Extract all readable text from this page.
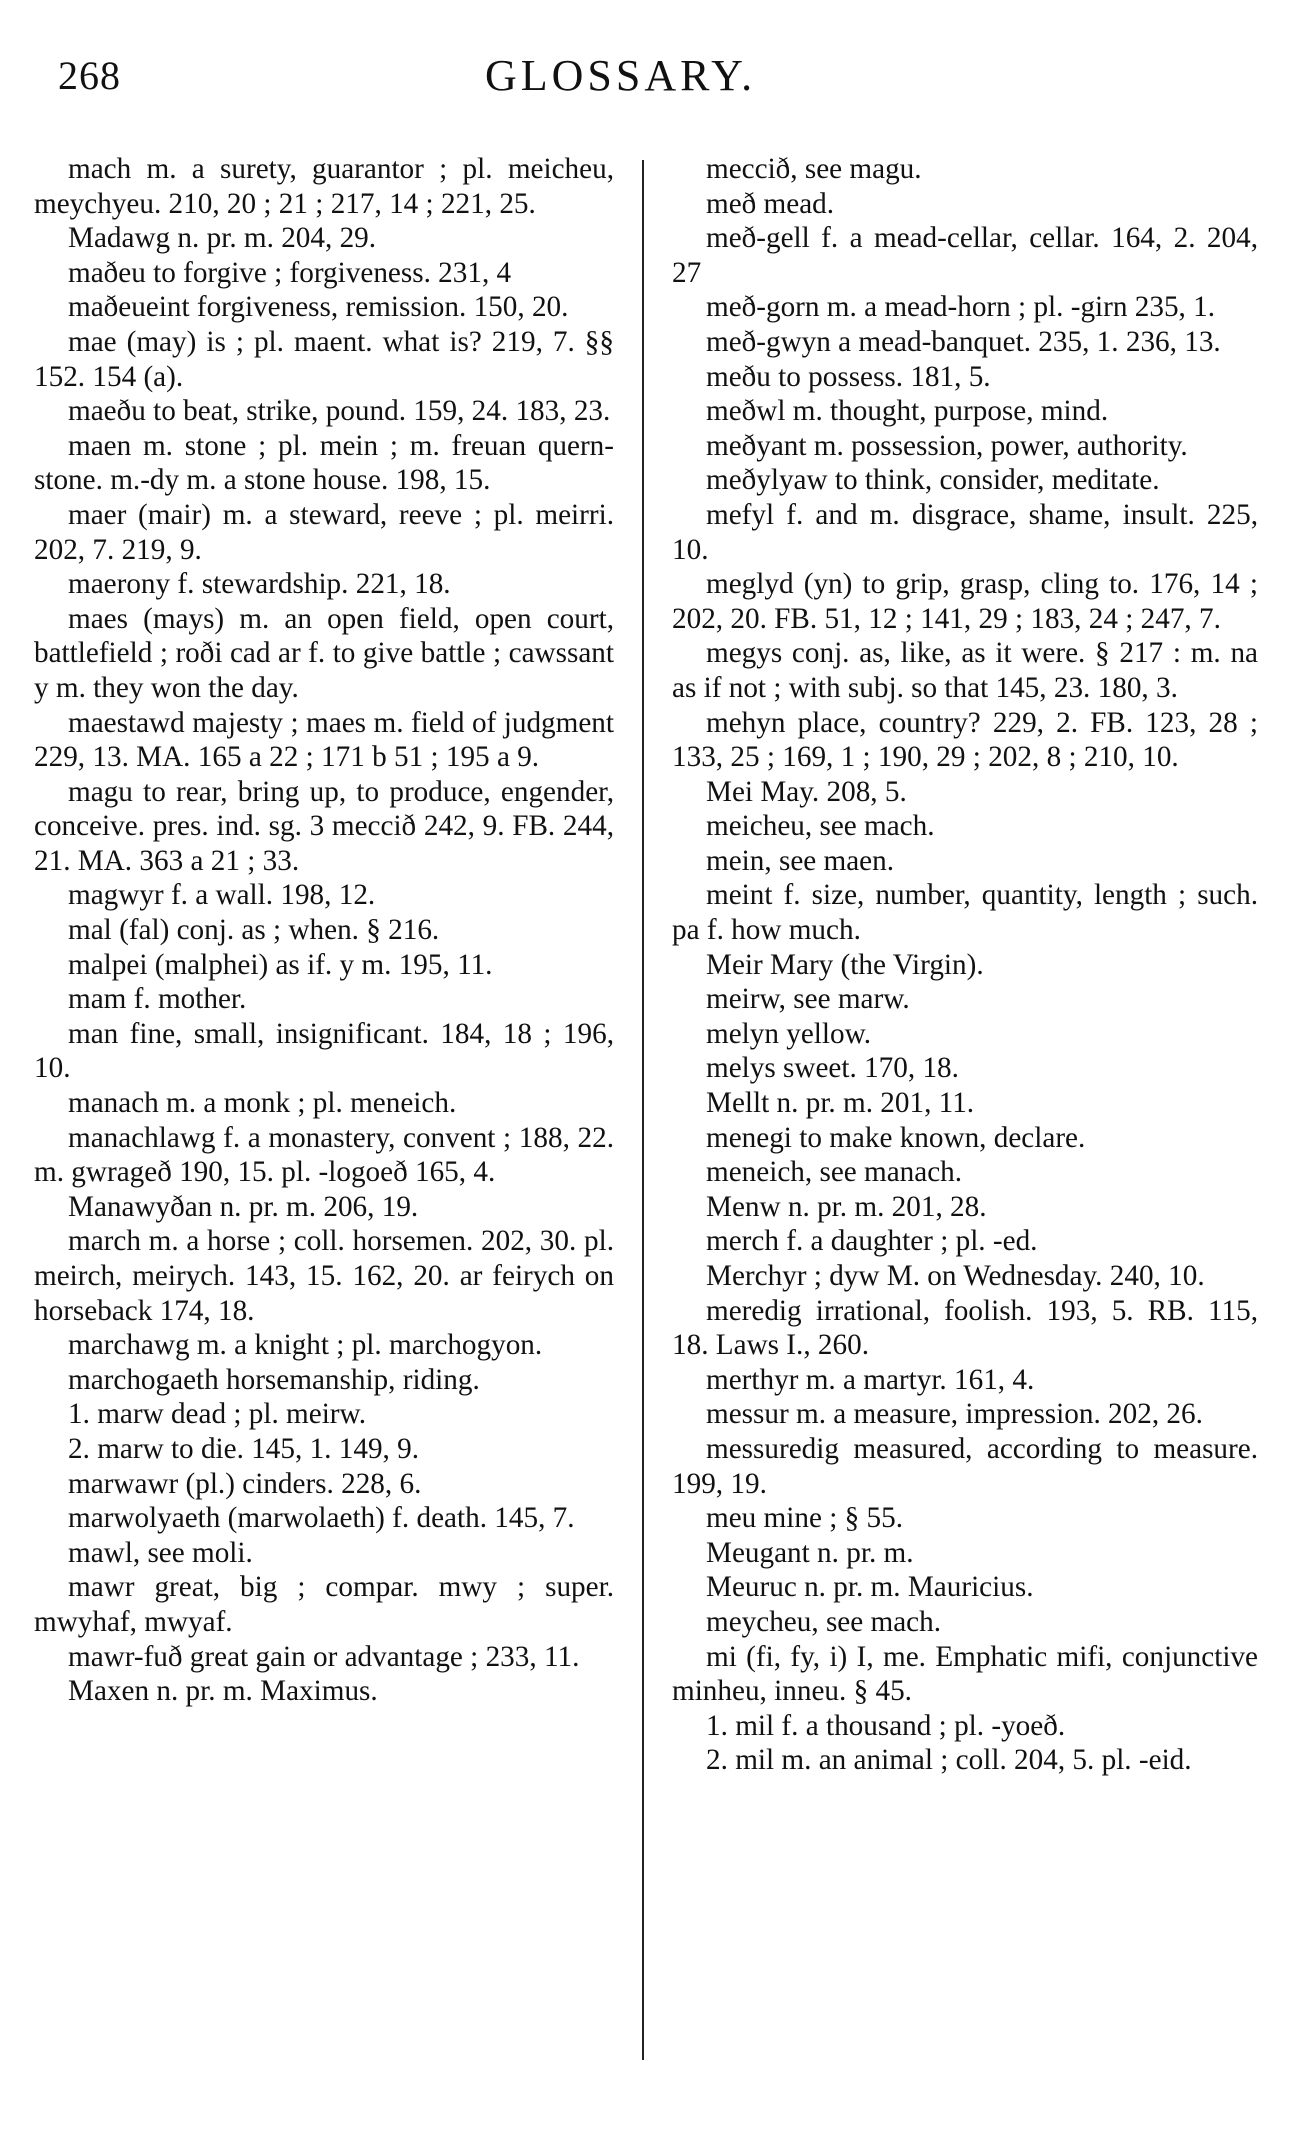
268	GLOSSARY.

mach m. a surety, guarantor ; pl. meicheu, meychyeu. 210, 20 ; 21 ; 217, 14 ; 221, 25.

Madawg n. pr. m. 204, 29.

maðeu to forgive ; forgiveness. 231, 4

maðeueint forgiveness, remission. 150, 20.

mae (may) is ; pl. maent. what is? 219, 7. §§ 152. 154 (a).

maeðu to beat, strike, pound. 159, 24. 183, 23.

maen m. stone ; pl. mein ; m. freuan quern-stone. m.-dy m. a stone house. 198, 15.

maer (mair) m. a steward, reeve ; pl. meirri. 202, 7. 219, 9.

maerony f. stewardship. 221, 18.

maes (mays) m. an open field, open court, battlefield ; roði cad ar f. to give battle ; cawssant y m. they won the day.

maestawd majesty ; maes m. field of judgment 229, 13. MA. 165 a 22 ; 171 b 51 ; 195 a 9.

magu to rear, bring up, to produce, engender, conceive. pres. ind. sg. 3 meccið 242, 9. FB. 244, 21. MA. 363 a 21 ; 33.

magwyr f. a wall. 198, 12.

mal (fal) conj. as ; when. § 216.

malpei (malphei) as if. y m. 195, 11.

mam f. mother.

man fine, small, insignificant. 184, 18 ; 196, 10.

manach m. a monk ; pl. meneich.

manachlawg f. a monastery, convent ; 188, 22. m. gwrageð 190, 15. pl. -logoeð 165, 4.

Manawyðan n. pr. m. 206, 19.

march m. a horse ; coll. horsemen. 202, 30. pl. meirch, meirych. 143, 15. 162, 20. ar feirych on horseback 174, 18.

marchawg m. a knight ; pl. marchogyon.

marchogaeth horsemanship, riding.

1. marw dead ; pl. meirw.

2. marw to die. 145, 1. 149, 9.

marwawr (pl.) cinders. 228, 6.

marwolyaeth (marwolaeth) f. death. 145, 7.

mawl, see moli.

mawr great, big ; compar. mwy ; super. mwyhaf, mwyaf.

mawr-fuð great gain or advantage ; 233, 11.

Maxen n. pr. m. Maximus.

meccið, see magu.

með mead.

með-gell f. a mead-cellar, cellar. 164, 2. 204, 27

með-gorn m. a mead-horn ; pl. -girn 235, 1.

með-gwyn a mead-banquet. 235, 1. 236, 13.

meðu to possess. 181, 5.

meðwl m. thought, purpose, mind.

meðyant m. possession, power, authority.

meðylyaw to think, consider, meditate.

mefyl f. and m. disgrace, shame, insult. 225, 10.

meglyd (yn) to grip, grasp, cling to. 176, 14 ; 202, 20. FB. 51, 12 ; 141, 29 ; 183, 24 ; 247, 7.

megys conj. as, like, as it were. § 217 : m. na as if not ; with subj. so that 145, 23. 180, 3.

mehyn place, country? 229, 2. FB. 123, 28 ; 133, 25 ; 169, 1 ; 190, 29 ; 202, 8 ; 210, 10.

Mei May. 208, 5.

meicheu, see mach.

mein, see maen.

meint f. size, number, quantity, length ; such. pa f. how much.

Meir Mary (the Virgin).

meirw, see marw.

melyn yellow.

melys sweet. 170, 18.

Mellt n. pr. m. 201, 11.

menegi to make known, declare.

meneich, see manach.

Menw n. pr. m. 201, 28.

merch f. a daughter ; pl. -ed.

Merchyr ; dyw M. on Wednesday. 240, 10.

meredig irrational, foolish. 193, 5. RB. 115, 18. Laws I., 260.

merthyr m. a martyr. 161, 4.

messur m. a measure, impression. 202, 26.

messuredig measured, according to measure. 199, 19.

meu mine ; § 55.

Meugant n. pr. m.

Meuruc n. pr. m. Mauricius.

meycheu, see mach.

mi (fi, fy, i) I, me. Emphatic mifi, conjunctive minheu, inneu. § 45.

1. mil f. a thousand ; pl. -yoeð.

2. mil m. an animal ; coll. 204, 5. pl. -eid.
